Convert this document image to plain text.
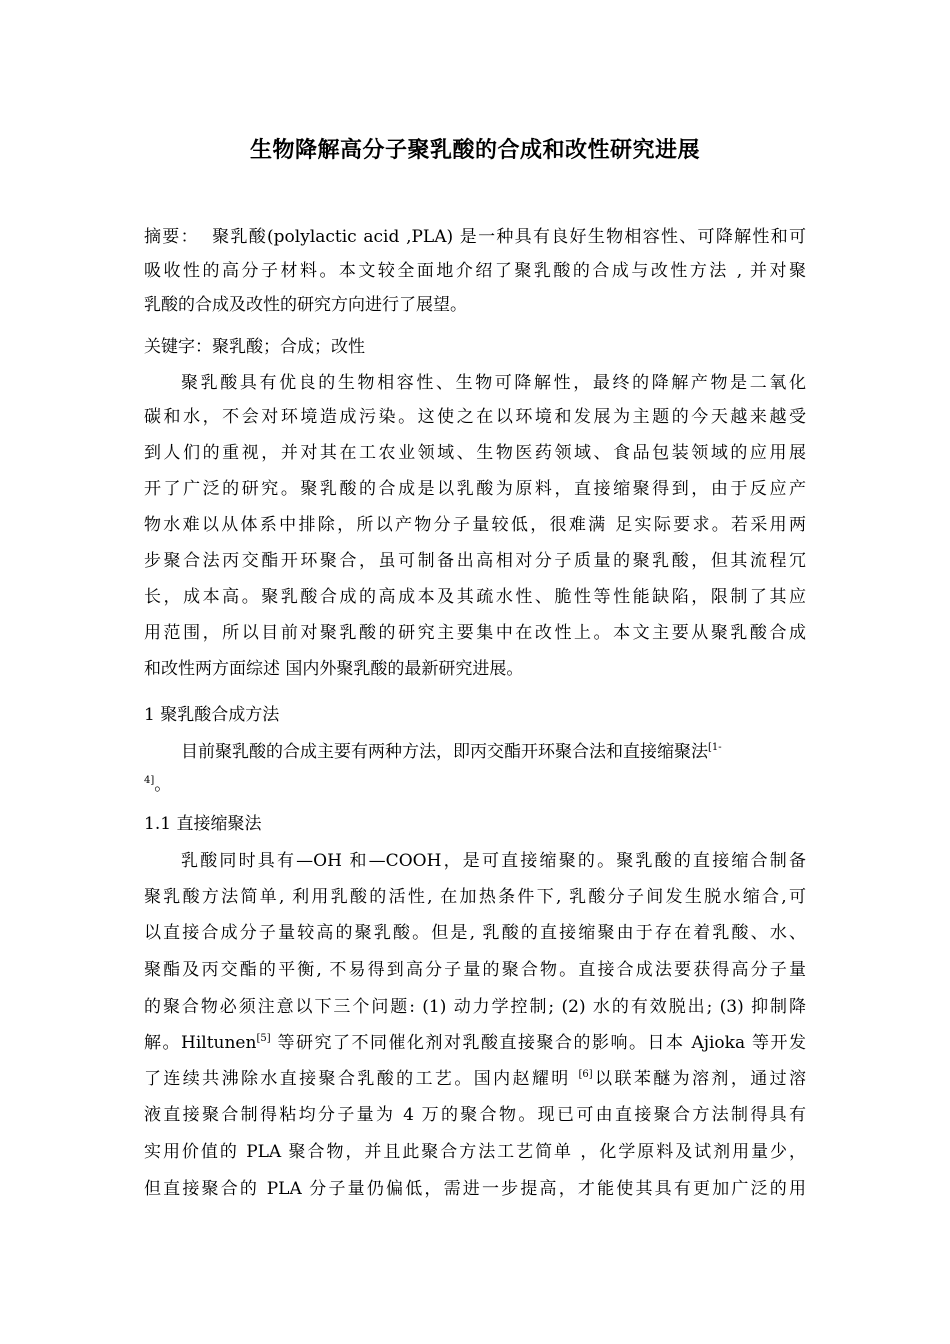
生物降解高分子聚乳酸的合成和改性研究进展
摘要： 聚乳酸(polylactic acid ,PLA) 是一种具有良好生物相容性、可降解性和可
吸收性的高分子材料。本文较全面地介绍了聚乳酸的合成与改性方法 , 并对聚
乳酸的合成及改性的研究方向进行了展望。
关键字：聚乳酸；合成；改性
聚乳酸具有优良的生物相容性、生物可降解性，最终的降解产物是二氧化
碳和水，不会对环境造成污染。这使之在以环境和发展为主题的今天越来越受
到人们的重视，并对其在工农业领域、生物医药领域、食品包装领域的应用展
开了广泛的研究。聚乳酸的合成是以乳酸为原料，直接缩聚得到，由于反应产
物水难以从体系中排除，所以产物分子量较低，很难满 足实际要求。若采用两
步聚合法丙交酯开环聚合，虽可制备出高相对分子质量的聚乳酸，但其流程冗
长，成本高。聚乳酸合成的高成本及其疏水性、脆性等性能缺陷，限制了其应
用范围，所以目前对聚乳酸的研究主要集中在改性上。本文主要从聚乳酸合成
和改性两方面综述 国内外聚乳酸的最新研究进展。
1 聚乳酸合成方法
目前聚乳酸的合成主要有两种方法，即丙交酯开环聚合法和直接缩聚法$^{[1-}$
$^{4]}$。
1.1 直接缩聚法
乳酸同时具有—OH 和—COOH，是可直接缩聚的。聚乳酸的直接缩合制备
聚乳酸方法简单, 利用乳酸的活性, 在加热条件下, 乳酸分子间发生脱水缩合,可
以直接合成分子量较高的聚乳酸。但是, 乳酸的直接缩聚由于存在着乳酸、水、
聚酯及丙交酯的平衡, 不易得到高分子量的聚合物。直接合成法要获得高分子量
的聚合物必须注意以下三个问题: (1) 动力学控制; (2) 水的有效脱出; (3) 抑制降
解。Hiltunen[5] 等研究了不同催化剂对乳酸直接聚合的影响。日本 Ajioka 等开发
了连续共沸除水直接聚合乳酸的工艺。国内赵耀明 [6]以联苯醚为溶剂，通过溶
液直接聚合制得粘均分子量为 4 万的聚合物。现已可由直接聚合方法制得具有
实用价值的 PLA 聚合物，并且此聚合方法工艺简单 ，化学原料及试剂用量少，
但直接聚合的 PLA 分子量仍偏低，需进一步提高，才能使其具有更加广泛的用
